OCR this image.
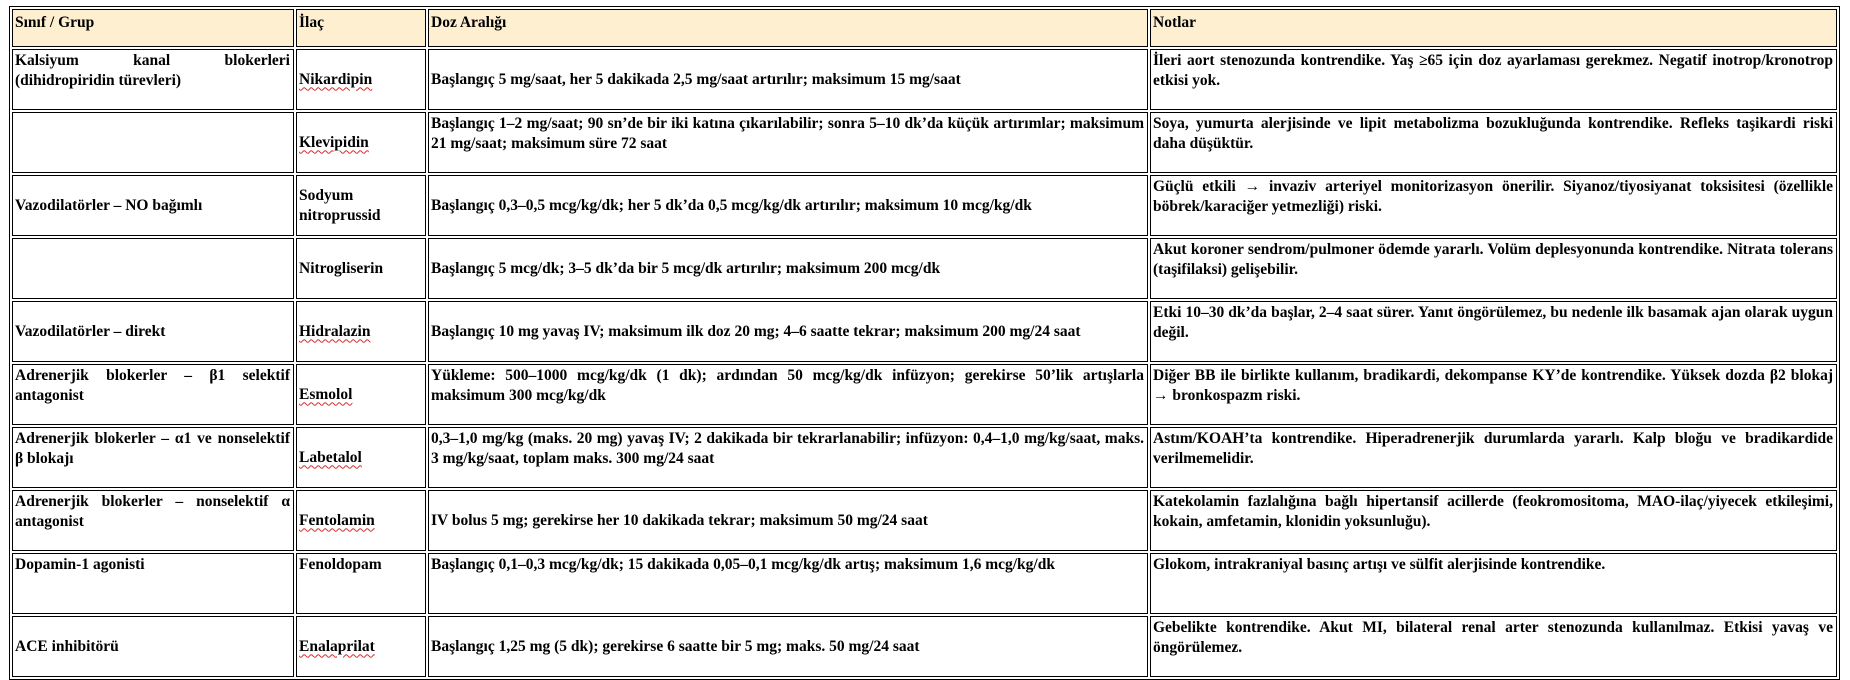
Sınıf / Grup	İlaç	Doz Aralığı	Notlar
Kalsiyum kanal blokerleri (dihidropiridin türevleri)	Nikardipin	Başlangıç 5 mg/saat, her 5 dakikada 2,5 mg/saat artırılır; maksimum 15 mg/saat	İleri aort stenozunda kontrendike. Yaş ≥65 için doz ayarlaması gerekmez. Negatif inotrop/kronotrop etkisi yok.
	Klevipidin	Başlangıç 1–2 mg/saat; 90 sn’de bir iki katına çıkarılabilir; sonra 5–10 dk’da küçük artırımlar; maksimum 21 mg/saat; maksimum süre 72 saat	Soya, yumurta alerjisinde ve lipit metabolizma bozukluğunda kontrendike. Refleks taşikardi riski daha düşüktür.
Vazodilatörler – NO bağımlı	Sodyum nitroprussid	Başlangıç 0,3–0,5 mcg/kg/dk; her 5 dk’da 0,5 mcg/kg/dk artırılır; maksimum 10 mcg/kg/dk	Güçlü etkili → invaziv arteriyel monitorizasyon önerilir. Siyanoz/tiyosiyanat toksisitesi (özellikle böbrek/karaciğer yetmezliği) riski.
	Nitrogliserin	Başlangıç 5 mcg/dk; 3–5 dk’da bir 5 mcg/dk artırılır; maksimum 200 mcg/dk	Akut koroner sendrom/pulmoner ödemde yararlı. Volüm deplesyonunda kontrendike. Nitrata tolerans (taşifilaksi) gelişebilir.
Vazodilatörler – direkt	Hidralazin	Başlangıç 10 mg yavaş IV; maksimum ilk doz 20 mg; 4–6 saatte tekrar; maksimum 200 mg/24 saat	Etki 10–30 dk’da başlar, 2–4 saat sürer. Yanıt öngörülemez, bu nedenle ilk basamak ajan olarak uygun değil.
Adrenerjik blokerler – β1 selektif antagonist	Esmolol	Yükleme: 500–1000 mcg/kg/dk (1 dk); ardından 50 mcg/kg/dk infüzyon; gerekirse 50’lik artışlarla maksimum 300 mcg/kg/dk	Diğer BB ile birlikte kullanım, bradikardi, dekompanse KY’de kontrendike. Yüksek dozda β2 blokaj → bronkospazm riski.
Adrenerjik blokerler – α1 ve nonselektif β blokajı	Labetalol	0,3–1,0 mg/kg (maks. 20 mg) yavaş IV; 2 dakikada bir tekrarlanabilir; infüzyon: 0,4–1,0 mg/kg/saat, maks. 3 mg/kg/saat, toplam maks. 300 mg/24 saat	Astım/KOAH’ta kontrendike. Hiperadrenerjik durumlarda yararlı. Kalp bloğu ve bradikardide verilmemelidir.
Adrenerjik blokerler – nonselektif α antagonist	Fentolamin	IV bolus 5 mg; gerekirse her 10 dakikada tekrar; maksimum 50 mg/24 saat	Katekolamin fazlalığına bağlı hipertansif acillerde (feokromositoma, MAO-ilaç/yiyecek etkileşimi, kokain, amfetamin, klonidin yoksunluğu).
Dopamin-1 agonisti	Fenoldopam	Başlangıç 0,1–0,3 mcg/kg/dk; 15 dakikada 0,05–0,1 mcg/kg/dk artış; maksimum 1,6 mcg/kg/dk	Glokom, intrakraniyal basınç artışı ve sülfit alerjisinde kontrendike.
ACE inhibitörü	Enalaprilat	Başlangıç 1,25 mg (5 dk); gerekirse 6 saatte bir 5 mg; maks. 50 mg/24 saat	Gebelikte kontrendike. Akut MI, bilateral renal arter stenozunda kullanılmaz. Etkisi yavaş ve öngörülemez.
